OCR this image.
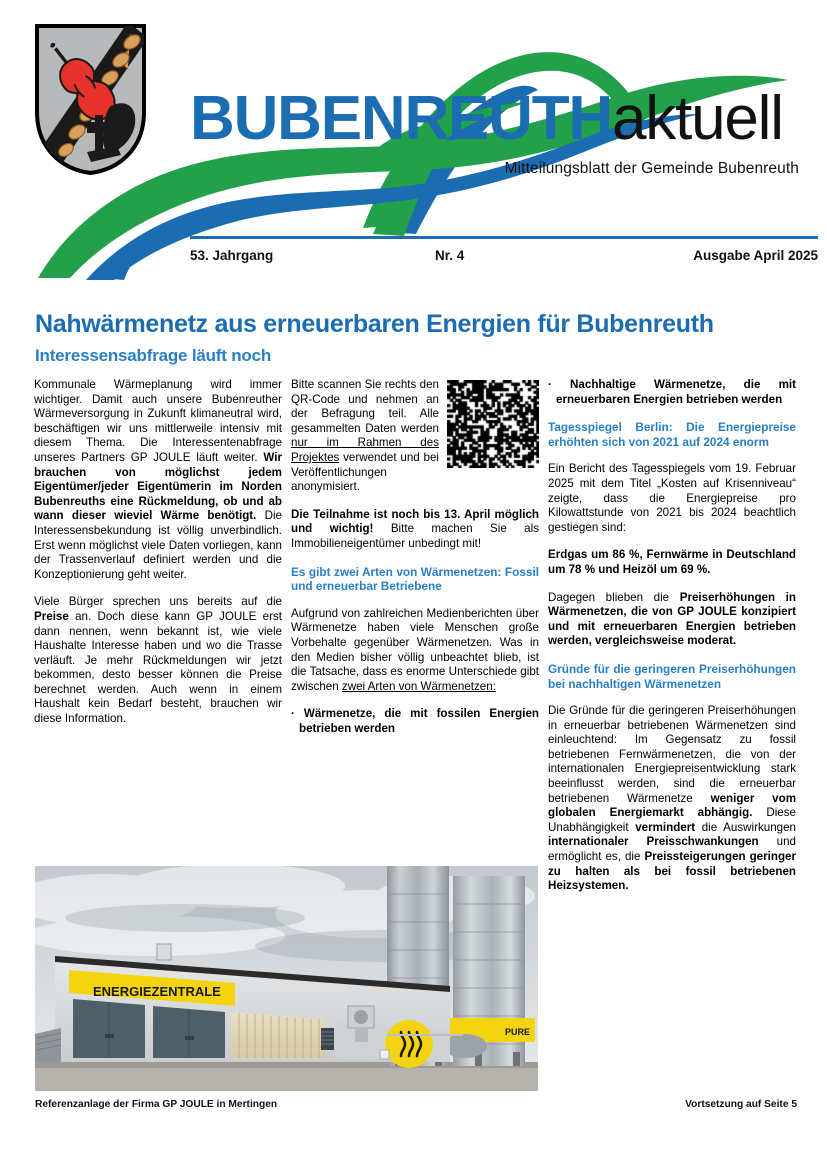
BUBENREUTHaktuell
Mitteilungsblatt der Gemeinde Bubenreuth
53. Jahrgang	Nr. 4	Ausgabe April 2025
Nahwärmenetz aus erneuerbaren Energien für Bubenreuth
Interessensabfrage läuft noch

Kommunale Wärmeplanung wird immer wichtiger. Damit auch unsere Bubenreuther Wärmeversorgung in Zukunft klimaneutral wird, beschäftigen wir uns mittlerweile intensiv mit diesem Thema. Die Interessentenabfrage unseres Partners GP JOULE läuft weiter. Wir brauchen von möglichst jedem Eigentümer/jeder Eigentümerin im Norden Bubenreuths eine Rückmeldung, ob und ab wann dieser wieviel Wärme benötigt. Die Interessensbekundung ist völlig unverbindlich. Erst wenn möglichst viele Daten vorliegen, kann der Trassenverlauf definiert werden und die Konzeptionierung geht weiter.

Viele Bürger sprechen uns bereits auf die Preise an. Doch diese kann GP JOULE erst dann nennen, wenn bekannt ist, wie viele Haushalte Interesse haben und wo die Trasse verläuft. Je mehr Rückmeldungen wir jetzt bekommen, desto besser können die Preise berechnet werden. Auch wenn in einem Haushalt kein Bedarf besteht, brauchen wir diese Information.

Bitte scannen Sie rechts den QR-Code und nehmen an der Befragung teil. Alle gesammelten Daten werden nur im Rahmen des Projektes verwendet und bei Veröffentlichungen anonymisiert.

Die Teilnahme ist noch bis 13. April möglich und wichtig! Bitte machen Sie als Immobilieneigentümer unbedingt mit!

Es gibt zwei Arten von Wärmenetzen: Fossil und erneuerbar Betriebene

Aufgrund von zahlreichen Medienberichten über Wärmenetze haben viele Menschen große Vorbehalte gegenüber Wärmenetzen. Was in den Medien bisher völlig unbeachtet blieb, ist die Tatsache, dass es enorme Unterschiede gibt zwischen zwei Arten von Wärmenetzen:

· Wärmenetze, die mit fossilen Energien betrieben werden

· Nachhaltige Wärmenetze, die mit erneuerbaren Energien betrieben werden

Tagesspiegel Berlin: Die Energiepreise erhöhten sich von 2021 auf 2024 enorm

Ein Bericht des Tagesspiegels vom 19. Februar 2025 mit dem Titel „Kosten auf Krisenniveau“ zeigte, dass die Energiepreise pro Kilowattstunde von 2021 bis 2024 beachtlich gestiegen sind:

Erdgas um 86 %, Fernwärme in Deutschland um 78 % und Heizöl um 69 %.

Dagegen blieben die Preiserhöhungen in Wärmenetzen, die von GP JOULE konzipiert und mit erneuerbaren Energien betrieben werden, vergleichsweise moderat.

Gründe für die geringeren Preiserhöhungen bei nachhaltigen Wärmenetzen

Die Gründe für die geringeren Preiserhöhungen in erneuerbar betriebenen Wärmenetzen sind einleuchtend: Im Gegensatz zu fossil betriebenen Fernwärmenetzen, die von der internationalen Energiepreisentwicklung stark beeinflusst werden, sind die erneuerbar betriebenen Wärmenetze weniger vom globalen Energiemarkt abhängig. Diese Unabhängigkeit vermindert die Auswirkungen internationaler Preisschwankungen und ermöglicht es, die Preissteigerungen geringer zu halten als bei fossil betriebenen Heizsystemen.

PURE
ENERGIEZENTRALE
Referenzanlage der Firma GP JOULE in Mertingen	Vortsetzung auf Seite 5
